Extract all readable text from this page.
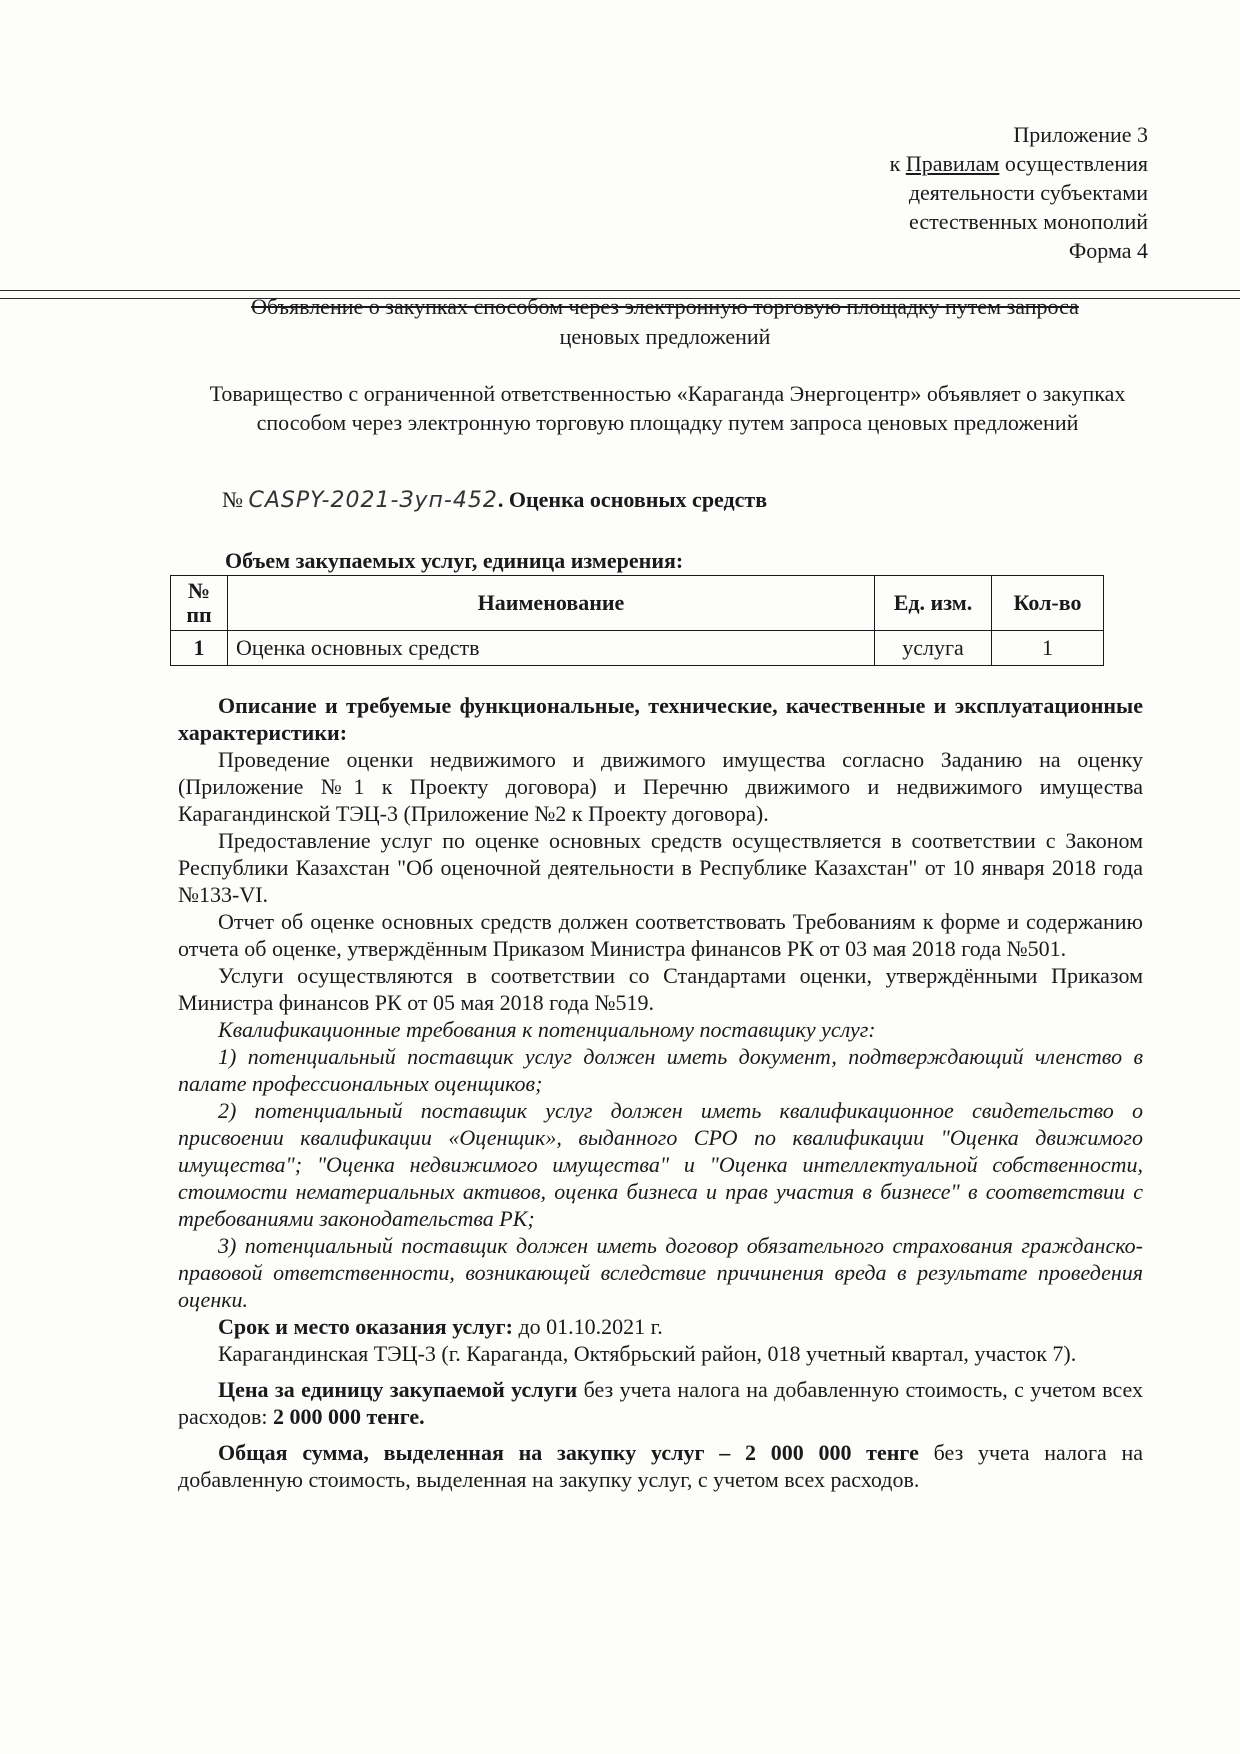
Приложение 3
к Правилам осуществления
деятельности субъектами
естественных монополий
Форма 4
Объявление о закупках способом через электронную торговую площадку путем запроса
ценовых предложений
Товарищество с ограниченной ответственностью «Караганда Энергоцентр» объявляет о закупках способом через электронную торговую площадку путем запроса ценовых предложений
№ CASPY-2021-Зуп-452. Оценка основных средств
Объем закупаемых услуг, единица измерения:
№ пп	Наименование	Ед. изм.	Кол-во
1	Оценка основных средств	услуга	1

Описание и требуемые функциональные, технические, качественные и эксплуатационные характеристики:

Проведение оценки недвижимого и движимого имущества согласно Заданию на оценку (Приложение №1 к Проекту договора) и Перечню движимого и недвижимого имущества Карагандинской ТЭЦ-3 (Приложение №2 к Проекту договора).

Предоставление услуг по оценке основных средств осуществляется в соответствии с Законом Республики Казахстан "Об оценочной деятельности в Республике Казахстан" от 10 января 2018 года №133-VI.

Отчет об оценке основных средств должен соответствовать Требованиям к форме и содержанию отчета об оценке, утверждённым Приказом Министра финансов РК от 03 мая 2018 года №501.

Услуги осуществляются в соответствии со Стандартами оценки, утверждёнными Приказом Министра финансов РК от 05 мая 2018 года №519.

Квалификационные требования к потенциальному поставщику услуг:

1) потенциальный поставщик услуг должен иметь документ, подтверждающий членство в палате профессиональных оценщиков;

2) потенциальный поставщик услуг должен иметь квалификационное свидетельство о присвоении квалификации «Оценщик», выданного СРО по квалификации "Оценка движимого имущества"; "Оценка недвижимого имущества" и "Оценка интеллектуальной собственности, стоимости нематериальных активов, оценка бизнеса и прав участия в бизнесе" в соответствии с требованиями законодательства РК;

3) потенциальный поставщик должен иметь договор обязательного страхования гражданско-правовой ответственности, возникающей вследствие причинения вреда в результате проведения оценки.

Срок и место оказания услуг: до 01.10.2021 г.

Карагандинская ТЭЦ-3 (г. Караганда, Октябрьский район, 018 учетный квартал, участок 7).

Цена за единицу закупаемой услуги без учета налога на добавленную стоимость, с учетом всех расходов: 2 000 000 тенге.

Общая сумма, выделенная на закупку услуг – 2 000 000 тенге без учета налога на добавленную стоимость, выделенная на закупку услуг, с учетом всех расходов.
